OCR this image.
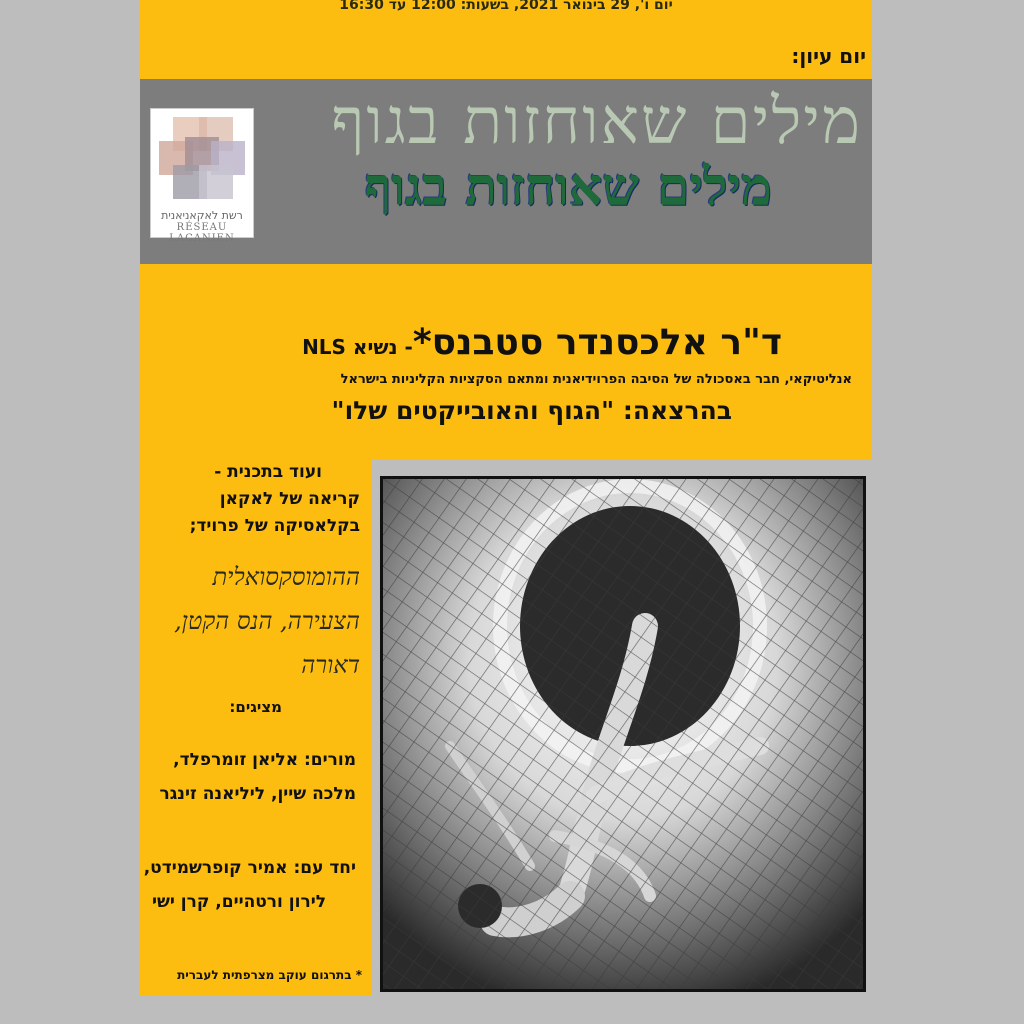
יום ו', 29 בינואר 2021, בשעות: 12:00 עד 16:30
יום עיון:
מילים שאוחזות בגוף
מילים שאוחזות בגוף
רשת לאקאניאנית
RÉSEAU LACANIEN
ד"ר אלכסנדר סטבנס*- נשיא NLS
אנליטיקאי, חבר באסכולה של הסיבה הפרוידיאנית ומתאם הסקציות הקליניות בישראל
בהרצאה: "הגוף והאובייקטים שלו"
ועוד בתכנית -
קריאה של לאקאן
בקלאסיקה של פרויד;
ההומוסקסואלית
הצעירה, הנס הקטן,
דאורה
מציגים:
מורים: אליאן זומרפלד,
מלכה שיין, ליליאנה זינגר
יחד עם: אמיר קופרשמידט,
לירון ורטהיים, קרן ישי
* בתרגום עוקב מצרפתית לעברית
